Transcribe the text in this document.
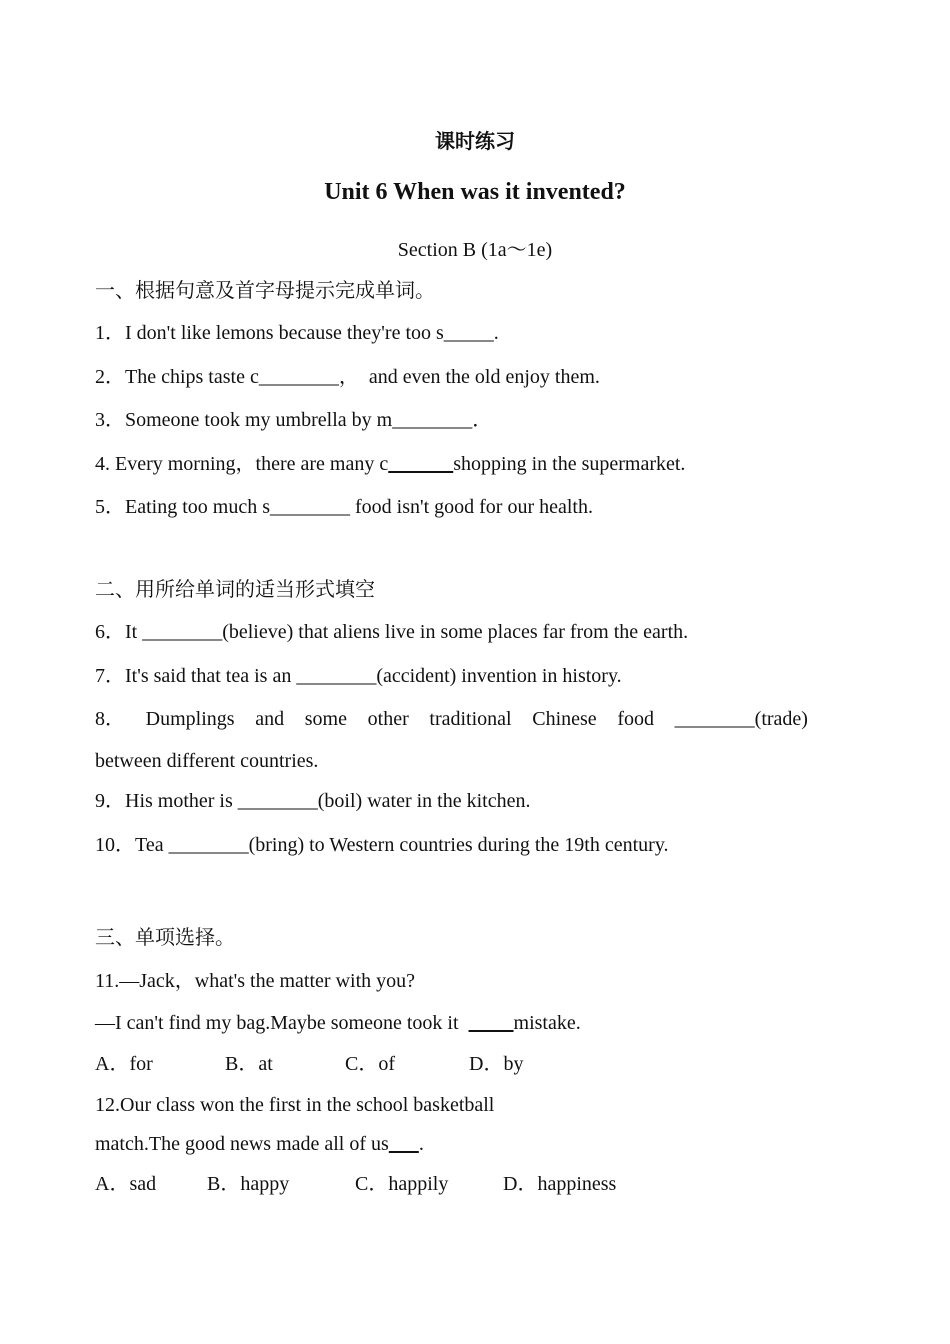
课时练习
Unit 6 When was it invented?
Section B (1a～1e)
一、根据句意及首字母提示完成单词。
1．I don't like lemons because they're too s_____.
2．The chips taste c________，  and even the old enjoy them.
3．Someone took my umbrella by m________．
4. Every morning，there are many c	shopping in the supermarket.
5．Eating too much s________ food isn't good for our health.
二、用所给单词的适当形式填空
6．It ________(believe) that aliens live in some places far from the earth.
7．It's said that tea is an ________(accident) invention in history.
8． Dumplings and some other traditional Chinese food ________(trade)
between different countries.
9．His mother is ________(boil) water in the kitchen.
10．Tea ________(bring) to Western countries during the 19th century.
三、单项选择。
11.—Jack，what's the matter with you?
—I can't find my bag.Maybe someone took it           mistake.
A．for	B．at	C．of	D．by
12.Our class won the first in the school basketball
match.The good news made all of us .
A．sad	B．happy	C．happily	D．happiness
